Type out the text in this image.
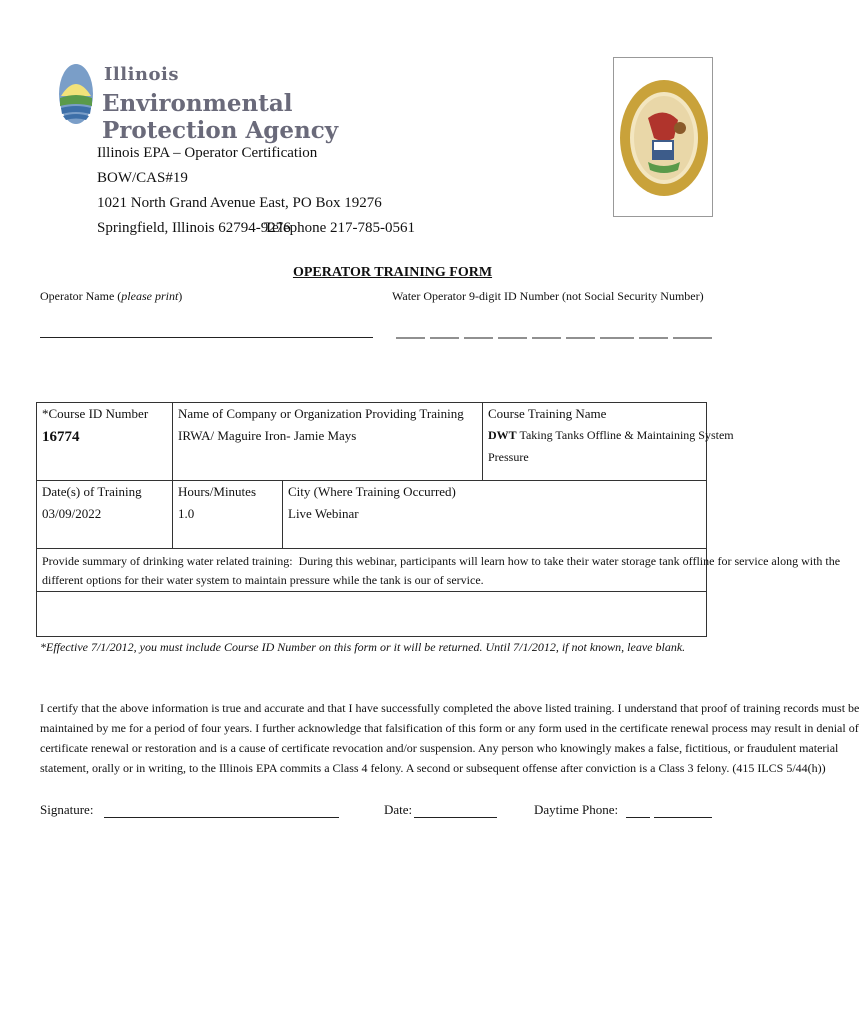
Illinois
Environmental Protection Agency
Illinois EPA – Operator Certification
BOW/CAS#19
1021 North Grand Avenue East, PO Box 19276
Springfield, Illinois 62794-9276
Telephone 217-785-0561
OPERATOR TRAINING FORM
Operator Name (please print)	Water Operator 9-digit ID Number (not Social Security Number)
*Course ID Number
16774
Name of Company or Organization Providing Training
IRWA/ Maguire Iron- Jamie Mays
Course Training Name
DWT Taking Tanks Offline & Maintaining System
Pressure
Date(s) of Training
03/09/2022
Hours/Minutes
1.0
City (Where Training Occurred)
Live Webinar
Provide summary of drinking water related training: During this webinar, participants will learn how to take their water storage tank offline for service along with the
different options for their water system to maintain pressure while the tank is our of service.
*Effective 7/1/2012, you must include Course ID Number on this form or it will be returned. Until 7/1/2012, if not known, leave blank.
I certify that the above information is true and accurate and that I have successfully completed the above listed training. I understand that proof of training records must be
maintained by me for a period of four years. I further acknowledge that falsification of this form or any form used in the certificate renewal process may result in denial of
certificate renewal or restoration and is a cause of certificate revocation and/or suspension. Any person who knowingly makes a false, fictitious, or fraudulent material
statement, orally or in writing, to the Illinois EPA commits a Class 4 felony. A second or subsequent offense after conviction is a Class 3 felony. (415 ILCS 5/44(h))
Signature:	Date:	Daytime Phone:
